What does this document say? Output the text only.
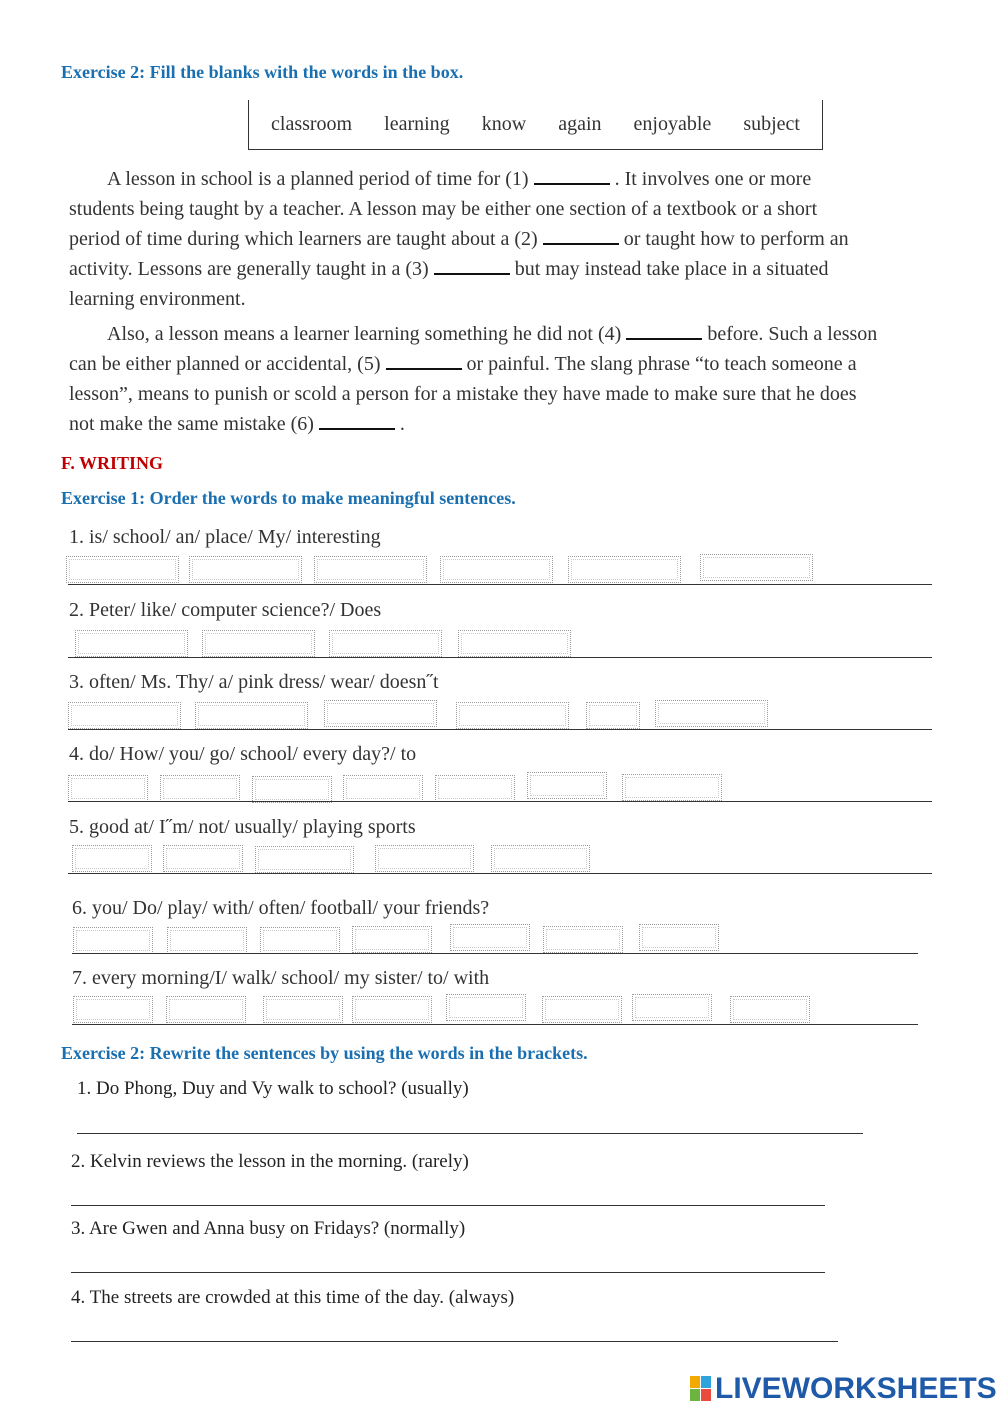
Exercise 2: Fill the blanks with the words in the box.
classroom learning know again enjoyable subject

A lesson in school is a planned period of time for (1)	. It involves one or more

students being taught by a teacher. A lesson may be either one section of a textbook or a short

period of time during which learners are taught about a (2)	or taught how to perform an

activity. Lessons are generally taught in a (3)	but may instead take place in a situated

learning environment.

Also, a lesson means a learner learning something he did not (4)	before. Such a lesson

can be either planned or accidental, (5)	or painful. The slang phrase “to teach someone a

lesson”, means to punish or scold a person for a mistake they have made to make sure that he does

not make the same mistake (6)	.

F. WRITING
Exercise 1: Order the words to make meaningful sentences.
1. is/ school/ an/ place/ My/ interesting
2. Peter/ like/ computer science?/ Does
3. often/ Ms. Thy/ a/ pink dress/ wear/ doesn˝t
4. do/ How/ you/ go/ school/ every day?/ to
5. good at/ I˝m/ not/ usually/ playing sports
6. you/ Do/ play/ with/ often/ football/ your friends?
7. every morning/I/ walk/ school/ my sister/ to/ with
Exercise 2: Rewrite the sentences by using the words in the brackets.
1. Do Phong, Duy and Vy walk to school? (usually)
2. Kelvin reviews the lesson in the morning. (rarely)
3. Are Gwen and Anna busy on Fridays? (normally)
4. The streets are crowded at this time of the day. (always)
LIVEWORKSHEETS
